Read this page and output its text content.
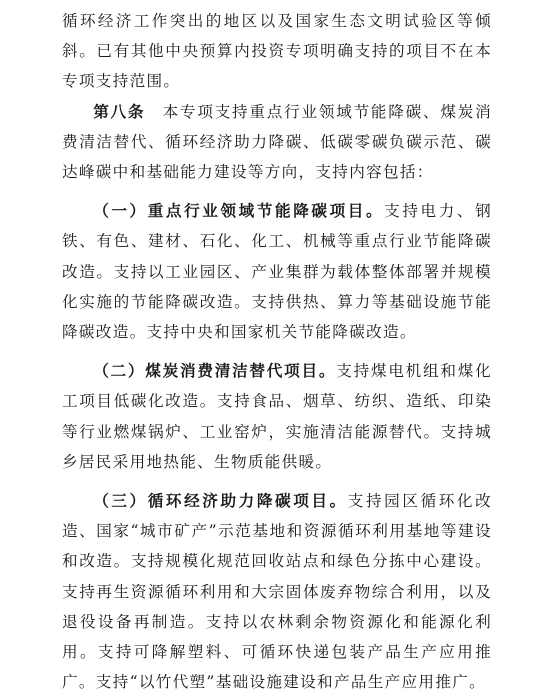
循环经济工作突出的地区以及国家生态文明试验区等倾斜。已有其他中央预算内投资专项明确支持的项目不在本专项支持范围。

第八条　本专项支持重点行业领域节能降碳、煤炭消费清洁替代、循环经济助力降碳、低碳零碳负碳示范、碳达峰碳中和基础能力建设等方向，支持内容包括：

（一）重点行业领域节能降碳项目。支持电力、钢铁、有色、建材、石化、化工、机械等重点行业节能降碳改造。支持以工业园区、产业集群为载体整体部署并规模化实施的节能降碳改造。支持供热、算力等基础设施节能降碳改造。支持中央和国家机关节能降碳改造。

（二）煤炭消费清洁替代项目。支持煤电机组和煤化工项目低碳化改造。支持食品、烟草、纺织、造纸、印染等行业燃煤锅炉、工业窑炉，实施清洁能源替代。支持城乡居民采用地热能、生物质能供暖。

（三）循环经济助力降碳项目。支持园区循环化改造、国家“城市矿产”示范基地和资源循环利用基地等建设和改造。支持规模化规范回收站点和绿色分拣中心建设。支持再生资源循环利用和大宗固体废弃物综合利用，以及退役设备再制造。支持以农林剩余物资源化和能源化利用。支持可降解塑料、可循环快递包装产品生产应用推广。支持“以竹代塑”基础设施建设和产品生产应用推广。
